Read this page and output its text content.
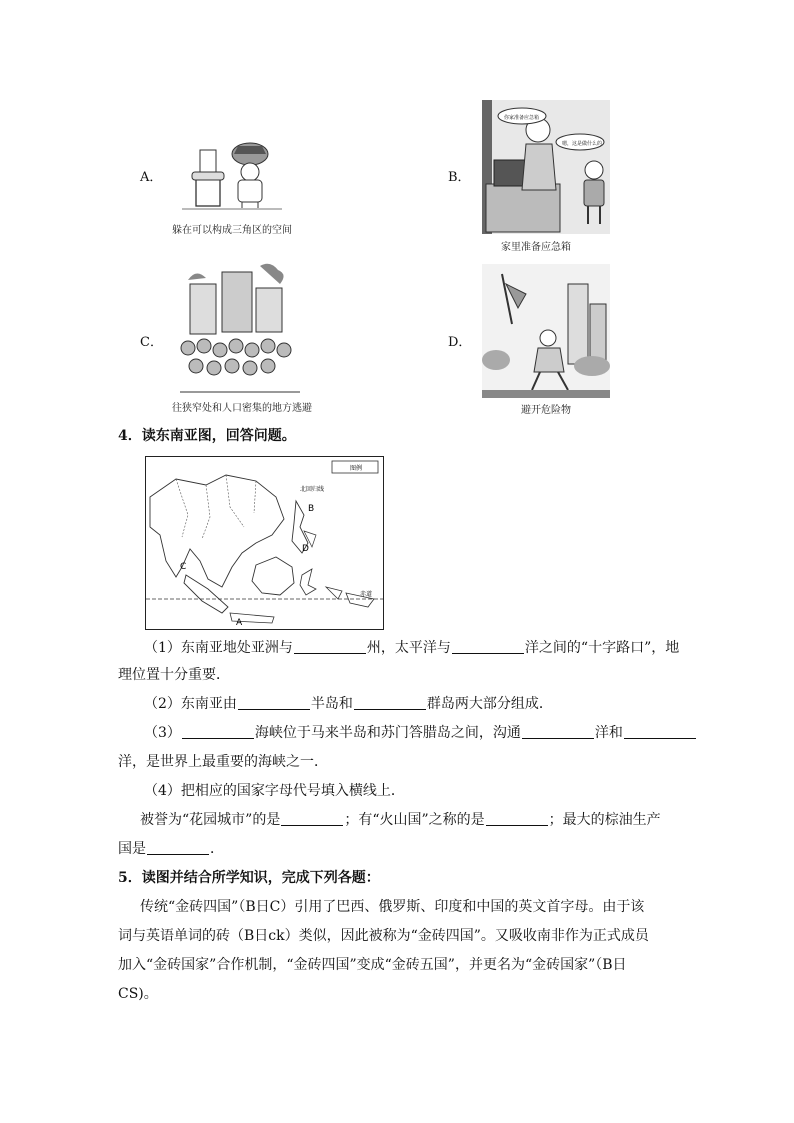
A．
躲在可以构成三角区的空间
B．
你家准备应急箱
嗯，这是做什么的
家里准备应急箱
C．
往狭窄处和人口密集的地方逃避
D．
避开危险物
4．读东南亚图，回答问题。
图例
北回归线
赤道
A
B
C
D
（1）东南亚地处亚洲与	州，太平洋与	洋之间的“十字路口”，地
理位置十分重要．
（2）东南亚由	半岛和	群岛两大部分组成．
（3）	海峡位于马来半岛和苏门答腊岛之间，沟通	洋和
洋，是世界上最重要的海峡之一．
（4）把相应的国家字母代号填入横线上．
被誉为“花园城市”的是	；有“火山国”之称的是	；最大的棕油生产
国是	．
5．读图并结合所学知识，完成下列各题：
传统“金砖四国”（B日C）引用了巴西、俄罗斯、印度和中国的英文首字母。由于该
词与英语单词的砖（B日ck）类似，因此被称为“金砖四国”。又吸收南非作为正式成员
加入“金砖国家”合作机制，“金砖四国”变成“金砖五国”，并更名为“金砖国家”（B日
CS)。
